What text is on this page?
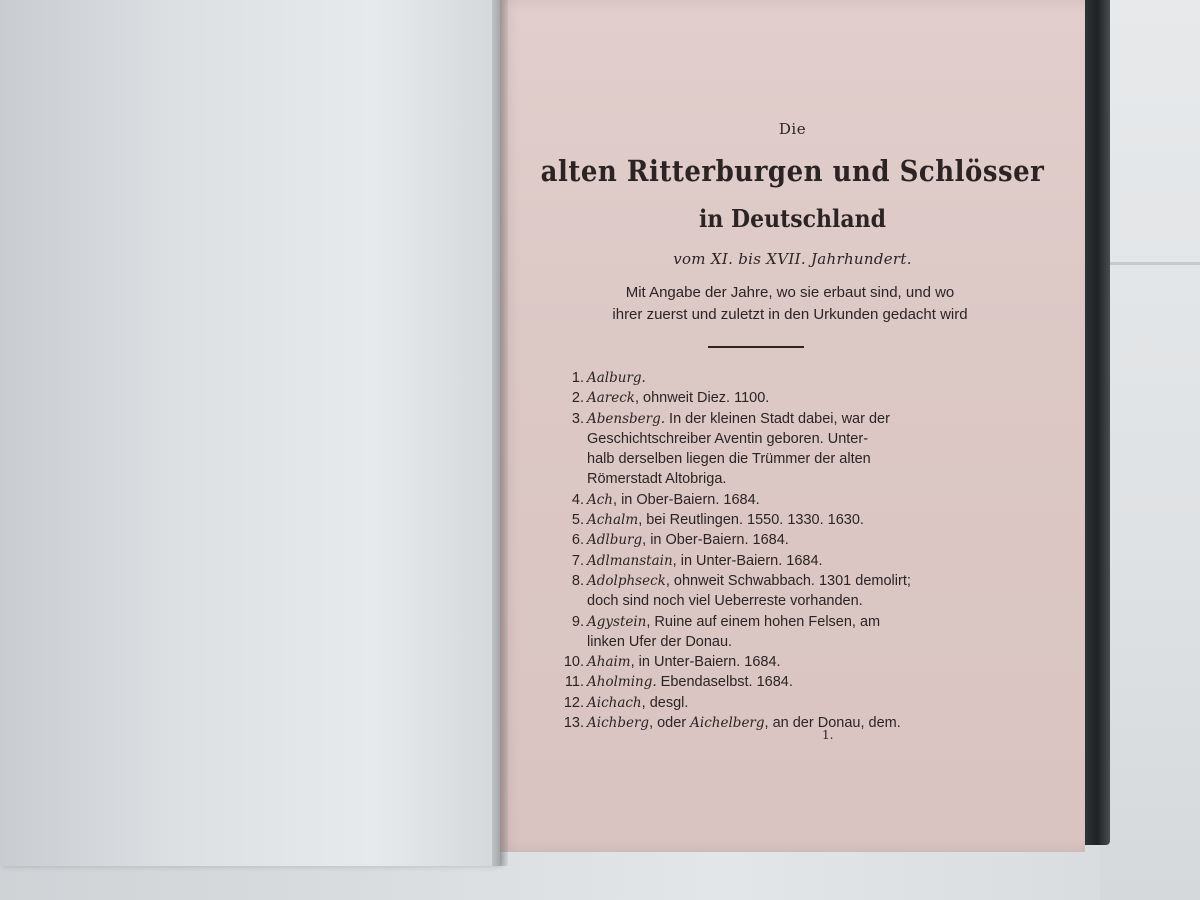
Die
alten Ritterburgen und Schlösser
in Deutschland
vom XI. bis XVII. Jahrhundert.
Mit Angabe der Jahre, wo sie erbaut sind, und wo
ihrer zuerst und zuletzt in den Urkunden gedacht wird
1. Aalburg.
2. Aareck, ohnweit Diez. 1100.
3. Abensberg. In der kleinen Stadt dabei, war der
Geschichtschreiber Aventin geboren. Unter-
halb derselben liegen die Trümmer der alten
Römerstadt Altobriga.
4. Ach, in Ober-Baiern. 1684.
5. Achalm, bei Reutlingen. 1550. 1330. 1630.
6. Adlburg, in Ober-Baiern. 1684.
7. Adlmanstain, in Unter-Baiern. 1684.
8. Adolphseck, ohnweit Schwabbach. 1301 demolirt;
doch sind noch viel Ueberreste vorhanden.
9. Agystein, Ruine auf einem hohen Felsen, am
linken Ufer der Donau.
10. Ahaim, in Unter-Baiern. 1684.
11. Aholming. Ebendaselbst. 1684.
12. Aichach, desgl.
13. Aichberg, oder Aichelberg, an der Donau, dem.
1.
